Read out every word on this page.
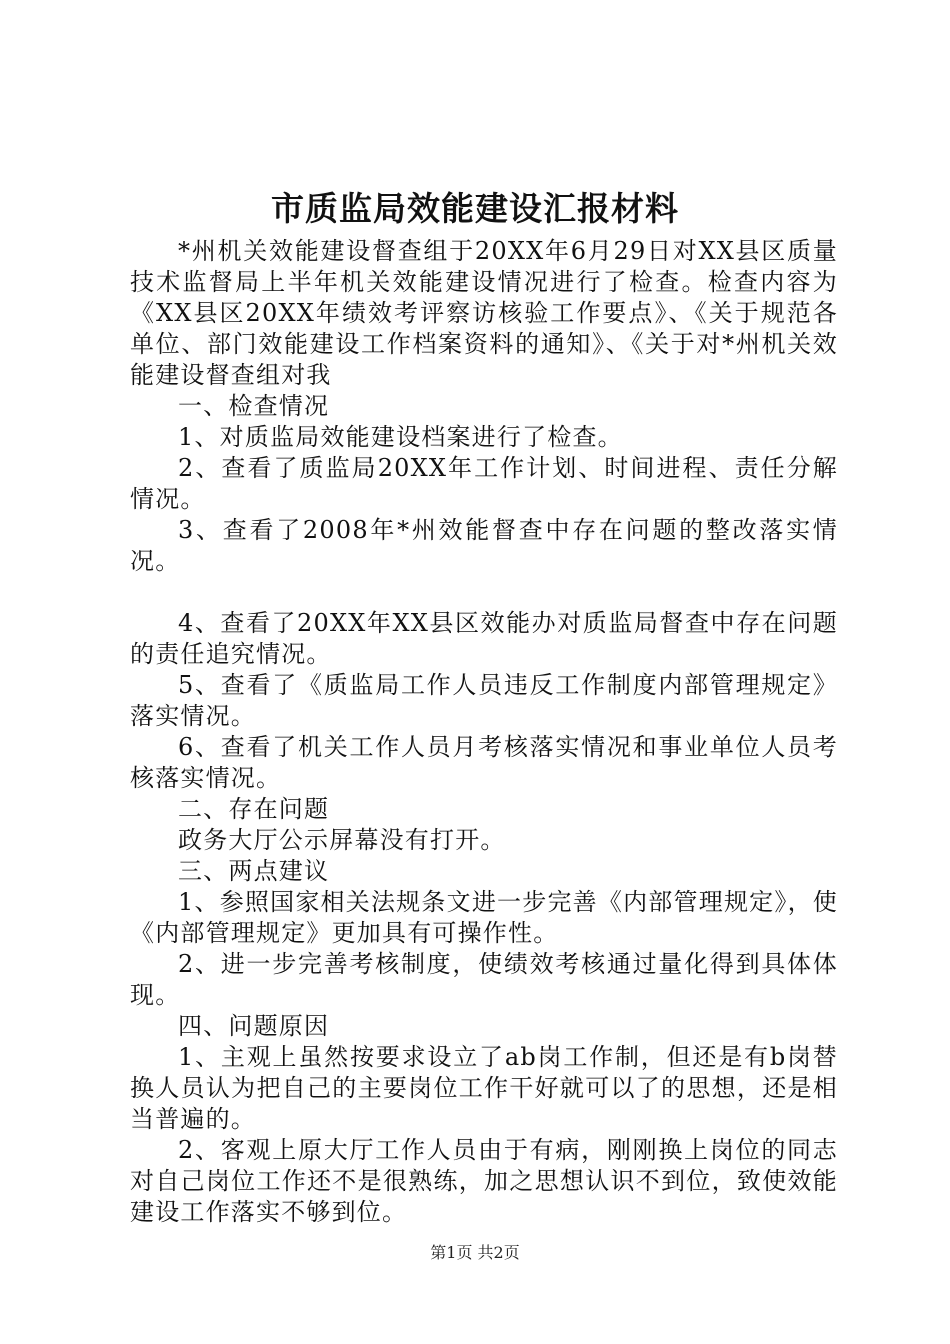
市质监局效能建设汇报材料

*州机关效能建设督查组于20XX年6月29日对XX县区质量技术监督局上半年机关效能建设情况进行了检查。检查内容为《XX县区20XX年绩效考评察访核验工作要点》、《关于规范各单位、部门效能建设工作档案资料的通知》、《关于对*州机关效能建设督查组对我

一、检查情况

1、对质监局效能建设档案进行了检查。

2、查看了质监局20XX年工作计划、时间进程、责任分解情况。

3、查看了2008年*州效能督查中存在问题的整改落实情况。

4、查看了20XX年XX县区效能办对质监局督查中存在问题的责任追究情况。

5、查看了《质监局工作人员违反工作制度内部管理规定》落实情况。

6、查看了机关工作人员月考核落实情况和事业单位人员考核落实情况。

二、存在问题

政务大厅公示屏幕没有打开。

三、两点建议

1、参照国家相关法规条文进一步完善《内部管理规定》，使《内部管理规定》更加具有可操作性。

2、进一步完善考核制度，使绩效考核通过量化得到具体体现。

四、问题原因

1、主观上虽然按要求设立了ab岗工作制，但还是有b岗替换人员认为把自己的主要岗位工作干好就可以了的思想，还是相当普遍的。

2、客观上原大厅工作人员由于有病，刚刚换上岗位的同志对自己岗位工作还不是很熟练，加之思想认识不到位，致使效能建设工作落实不够到位。

第1页 共2页
